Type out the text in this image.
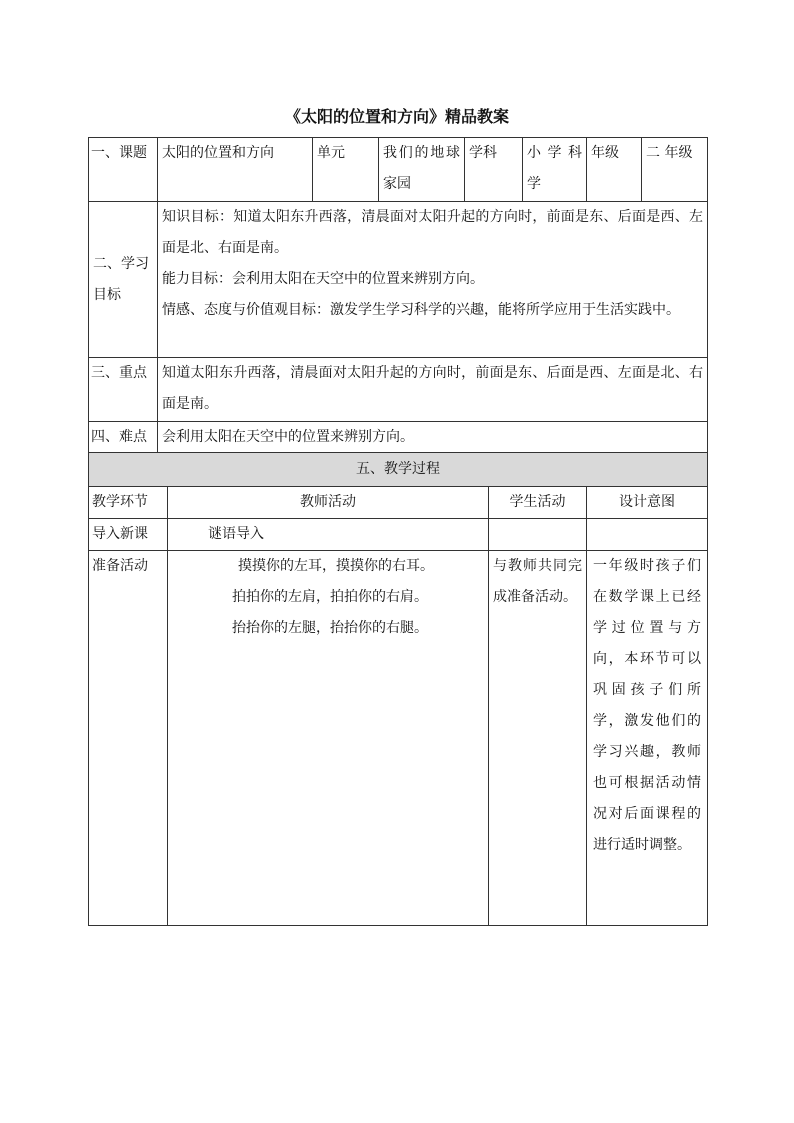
《太阳的位置和方向》精品教案
一、课题	太阳的位置和方向	单元	我们的地球家园	学科	小学科学	年级	二 年级
二、学习目标	知识目标：知道太阳东升西落，清晨面对太阳升起的方向时，前面是东、后面是西、左面是北、右面是南。
能力目标：会利用太阳在天空中的位置来辨别方向。
情感、态度与价值观目标：激发学生学习科学的兴趣，能将所学应用于生活实践中。						

三、重点	知道太阳东升西落，清晨面对太阳升起的方向时，前面是东、后面是西、左面是北、右面是南。						
四、难点	会利用太阳在天空中的位置来辨别方向。						
五、教学过程			
教学环节	教师活动	学生活动	设计意图
导入新课	谜语导入		
准备活动	摸摸你的左耳，摸摸你的右耳。
拍拍你的左肩，拍拍你的右肩。
抬抬你的左腿，抬抬你的右腿。	与教师共同完成准备活动。	一年级时孩子们在数学课上已经学过位置与方向，本环节可以巩固孩子们所学，激发他们的学习兴趣，教师也可根据活动情况对后面课程的进行适时调整。
